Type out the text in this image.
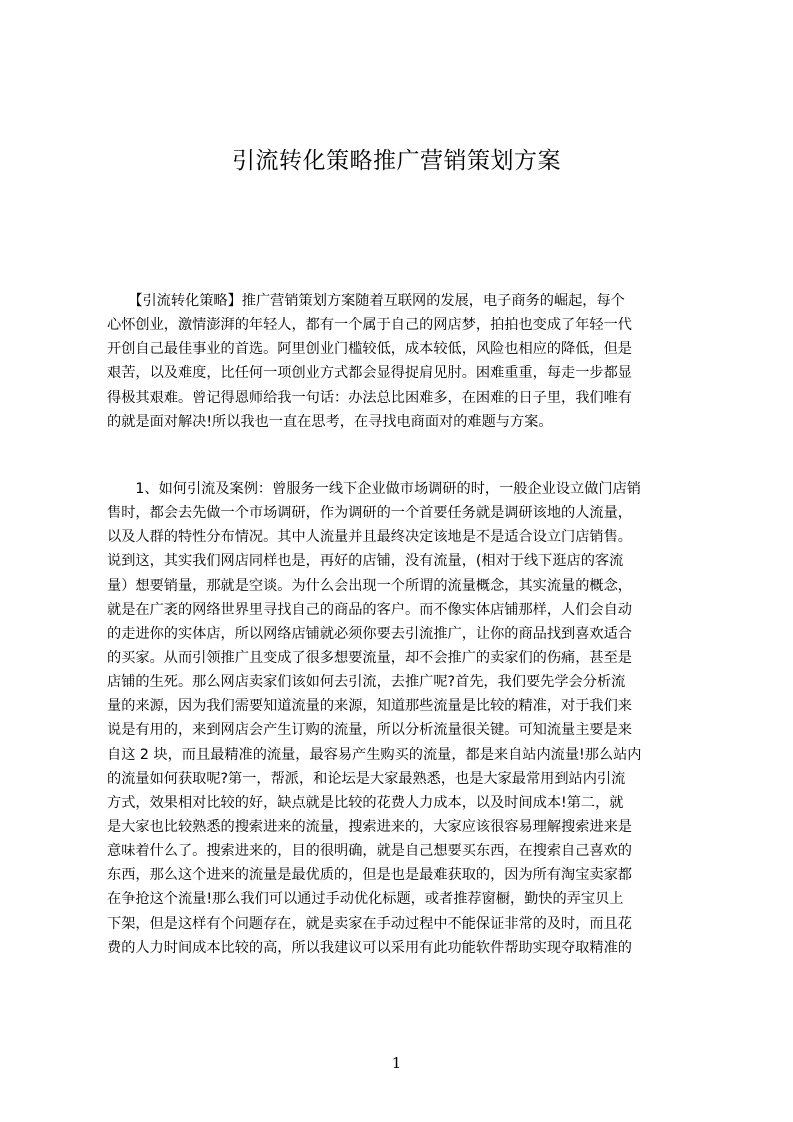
引流转化策略推广营销策划方案
　　【引流转化策略】推广营销策划方案随着互联网的发展，电子商务的崛起，每个
心怀创业，激情澎湃的年轻人，都有一个属于自己的网店梦，拍拍也变成了年轻一代
开创自己最佳事业的首选。阿里创业门槛较低，成本较低，风险也相应的降低，但是
艰苦，以及难度，比任何一项创业方式都会显得捉肩见肘。困难重重，每走一步都显
得极其艰难。曾记得恩师给我一句话：办法总比困难多，在困难的日子里，我们唯有
的就是面对解决!所以我也一直在思考，在寻找电商面对的难题与方案。
　　1、如何引流及案例：曾服务一线下企业做市场调研的时，一般企业设立做门店销
售时，都会去先做一个市场调研，作为调研的一个首要任务就是调研该地的人流量，
以及人群的特性分布情况。其中人流量并且最终决定该地是不是适合设立门店销售。
说到这，其实我们网店同样也是，再好的店铺，没有流量，(相对于线下逛店的客流
量）想要销量，那就是空谈。为什么会出现一个所谓的流量概念，其实流量的概念，
就是在广袤的网络世界里寻找自己的商品的客户。而不像实体店铺那样，人们会自动
的走进你的实体店，所以网络店铺就必须你要去引流推广，让你的商品找到喜欢适合
的买家。从而引领推广且变成了很多想要流量，却不会推广的卖家们的伤痛，甚至是
店铺的生死。那么网店卖家们该如何去引流，去推广呢?首先，我们要先学会分析流
量的来源，因为我们需要知道流量的来源，知道那些流量是比较的精准，对于我们来
说是有用的，来到网店会产生订购的流量，所以分析流量很关键。可知流量主要是来
自这 2 块，而且最精准的流量，最容易产生购买的流量，都是来自站内流量!那么站内
的流量如何获取呢?第一，帮派，和论坛是大家最熟悉，也是大家最常用到站内引流
方式，效果相对比较的好，缺点就是比较的花费人力成本，以及时间成本!第二，就
是大家也比较熟悉的搜索进来的流量，搜索进来的，大家应该很容易理解搜索进来是
意味着什么了。搜索进来的，目的很明确，就是自己想要买东西，在搜索自己喜欢的
东西，那么这个进来的流量是最优质的，但是也是最难获取的，因为所有淘宝卖家都
在争抢这个流量!那么我们可以通过手动优化标题，或者推荐窗橱，勤快的弄宝贝上
下架，但是这样有个问题存在，就是卖家在手动过程中不能保证非常的及时，而且花
费的人力时间成本比较的高，所以我建议可以采用有此功能软件帮助实现夺取精准的
1
